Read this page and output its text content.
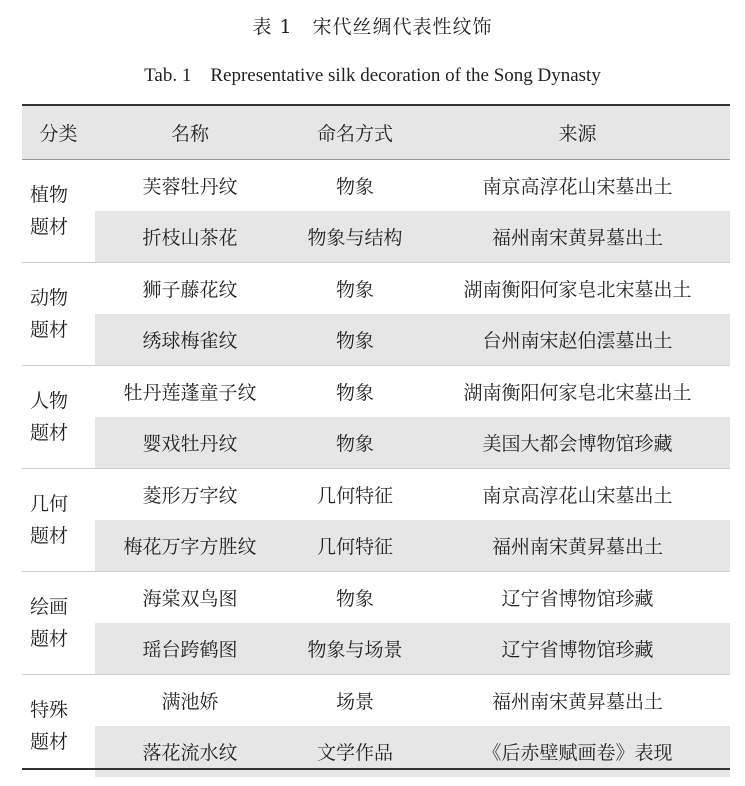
表 1　宋代丝绸代表性纹饰
Tab. 1　Representative silk decoration of the Song Dynasty
分类	名称	命名方式	来源

植物
题材	芙蓉牡丹纹	物象	南京高淳花山宋墓出土
	折枝山茶花	物象与结构	福州南宋黄昇墓出土

动物
题材	狮子藤花纹	物象	湖南衡阳何家皂北宋墓出土
	绣球梅雀纹	物象	台州南宋赵伯澐墓出土

人物
题材	牡丹莲蓬童子纹	物象	湖南衡阳何家皂北宋墓出土
	婴戏牡丹纹	物象	美国大都会博物馆珍藏

几何
题材	菱形万字纹	几何特征	南京高淳花山宋墓出土
	梅花万字方胜纹	几何特征	福州南宋黄昇墓出土

绘画
题材	海棠双鸟图	物象	辽宁省博物馆珍藏
	瑶台跨鹤图	物象与场景	辽宁省博物馆珍藏

特殊
题材	满池娇	场景	福州南宋黄昇墓出土
	落花流水纹	文学作品	《后赤壁赋画卷》表现
